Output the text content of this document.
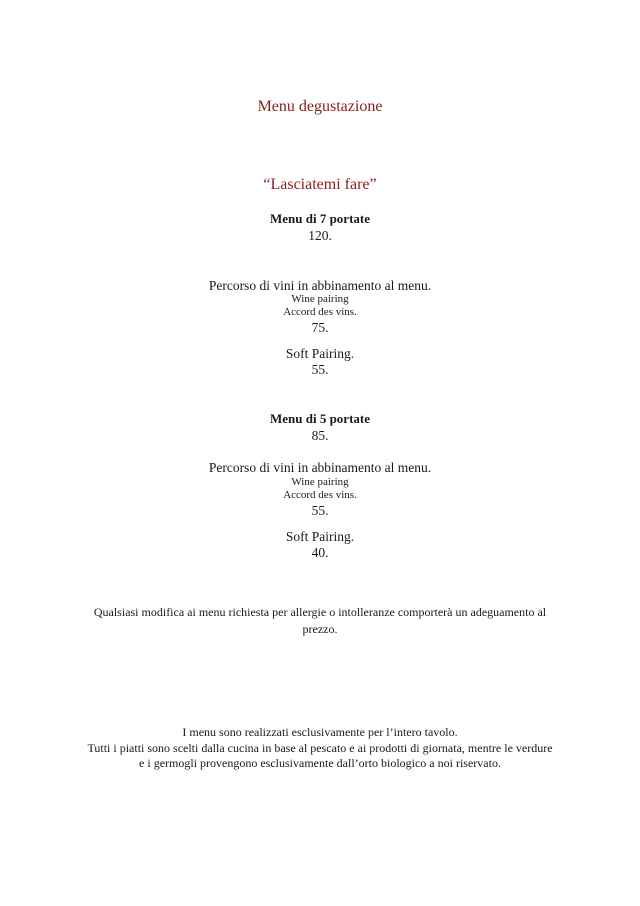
Menu degustazione
“Lasciatemi fare”
Menu di 7 portate
120.
Percorso di vini in abbinamento al menu.
Wine pairing
Accord des vins.
75.
Soft Pairing.
55.
Menu di 5 portate
85.
Percorso di vini in abbinamento al menu.
Wine pairing
Accord des vins.
55.
Soft Pairing.
40.
Qualsiasi modifica ai menu richiesta per allergie o intolleranze comporterà un adeguamento al
prezzo.
I menu sono realizzati esclusivamente per l’intero tavolo.
Tutti i piatti sono scelti dalla cucina in base al pescato e ai prodotti di giornata, mentre le verdure
e i germogli provengono esclusivamente dall’orto biologico a noi riservato.
